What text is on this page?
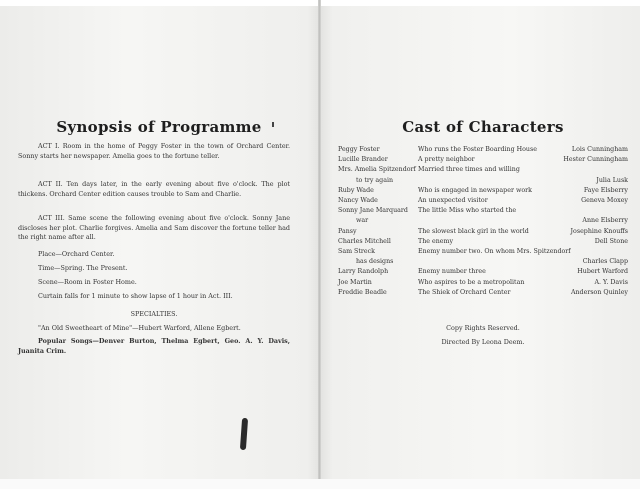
Synopsis of Programme
ACT I. Room in the home of Peggy Foster in the town of Orchard Center. Sonny starts her newspaper. Amelia goes to the fortune teller.
ACT II. Ten days later, in the early evening about five o'clock. The plot thickens. Orchard Center edition causes trouble to Sam and Charlie.
ACT III. Same scene the following evening about five o'clock. Sonny Jane discloses her plot. Charlie forgives. Amelia and Sam discover the fortune teller had the right name after all.
Place—Orchard Center.
Time—Spring. The Present.
Scene—Room in Foster Home.
Curtain falls for 1 minute to show lapse of 1 hour in Act. III.
SPECIALTIES.
"An Old Sweetheart of Mine"—Hubert Warford, Allene Egbert.
Popular Songs—Denver Burton, Thelma Egbert, Geo. A. Y. Davis, Juanita Crim.
Cast of Characters
Peggy Foster	Who runs the Foster Boarding House	Lois Cunningham
Lucille Brander	A pretty neighbor	Hester Cunningham
Mrs. Amelia Spitzendorf Married three times and willing
to try again	Julia Lusk
Ruby Wade	Who is engaged in newspaper work	Faye Elsberry
Nancy Wade	An unexpected visitor	Geneva Moxey
Sonny Jane Marquard The little Miss who started the
war	Anne Elsberry
Pansy	The slowest black girl in the world	Josephine Knouffs
Charles Mitchell	The enemy	Dell Stone
Sam Streck	Enemy number two. On whom Mrs. Spitzendorf
has designs	Charles Clapp
Larry Randolph	Enemy number three	Hubert Warford
Joe Martin	Who aspires to be a metropolitan	A. Y. Davis
Freddie Beadle	The Shiek of Orchard Center	Anderson Quinley
Copy Rights Reserved.
Directed By Leona Deem.
